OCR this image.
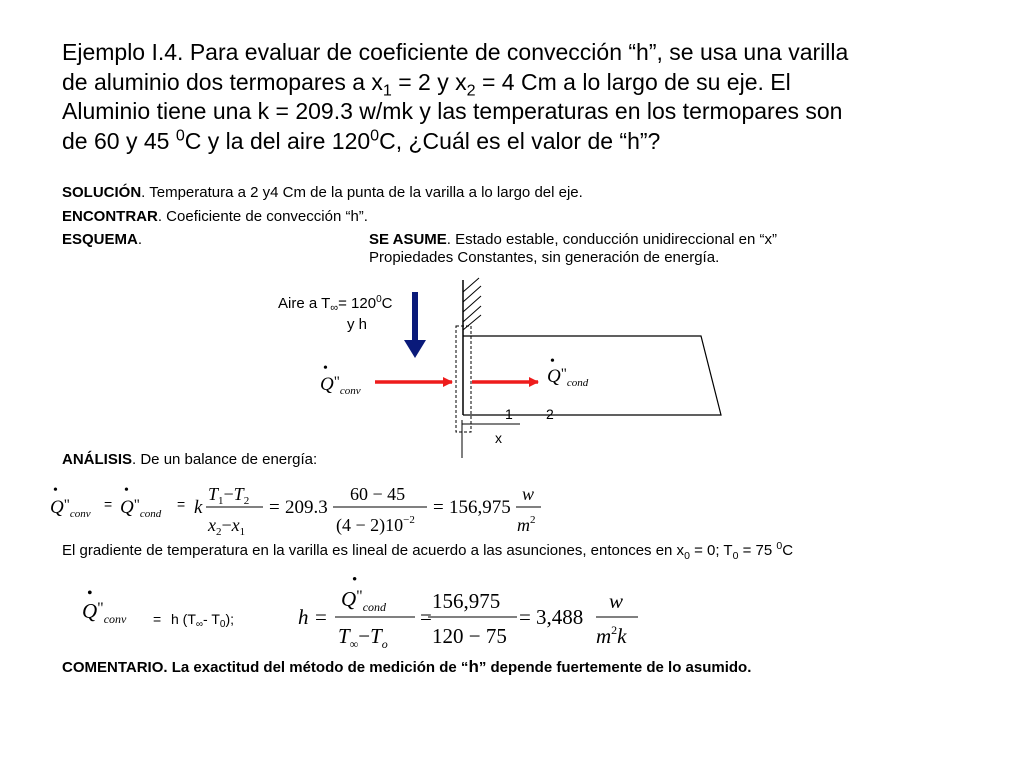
Ejemplo I.4. Para evaluar de coeficiente de convección “h”, se usa una varilla
de aluminio dos termopares a $x_1 = 2$ y $x_2 = 4$ Cm a lo largo de su eje. El
Aluminio tiene una k = 209.3 w/mk y las temperaturas en los termopares son
de 60 y 45 $^0$C y la del aire $120^0C$, ¿Cuál es el valor de “h”?
SOLUCIÓN. Temperatura a 2 y4 Cm de la punta de la varilla a lo largo del eje.
ENCONTRAR. Coeficiente de convección “h”.
ESQUEMA.	SE ASUME. Estado estable, conducción unidireccional en “x”
Propiedades Constantes, sin generación de energía.
Aire a $T_\infty= 120^0C$
y h
•
$Q^"_{conv}$
•
$Q^"_{cond}$
1 2
x
ANÁLISIS. De un balance de energía:
•
$Q^"_{conv}$
=
•
$Q^"_{cond}$
= k
$T_1-T_2$
$x_2-x_1$
= 209.3
60 − 45
$(4 - 2)10^{-2}$
= 156,975
w
$m^2$
El gradiente de temperatura en la varilla es lineal de acuerdo a las asunciones, entonces en $x_0 = 0$; $T_0 = 75$ $^0$C
•
$Q^"_{conv} = h$ ($T_\infty-$ $T_0$);	h =
•
$Q^"_{cond}$
$T_\infty-T_o$
=
156,975
120 − 75
= 3,488
w
$m^2k$
COMENTARIO. La exactitud del método de medición de “h” depende fuertemente de lo asumido.
